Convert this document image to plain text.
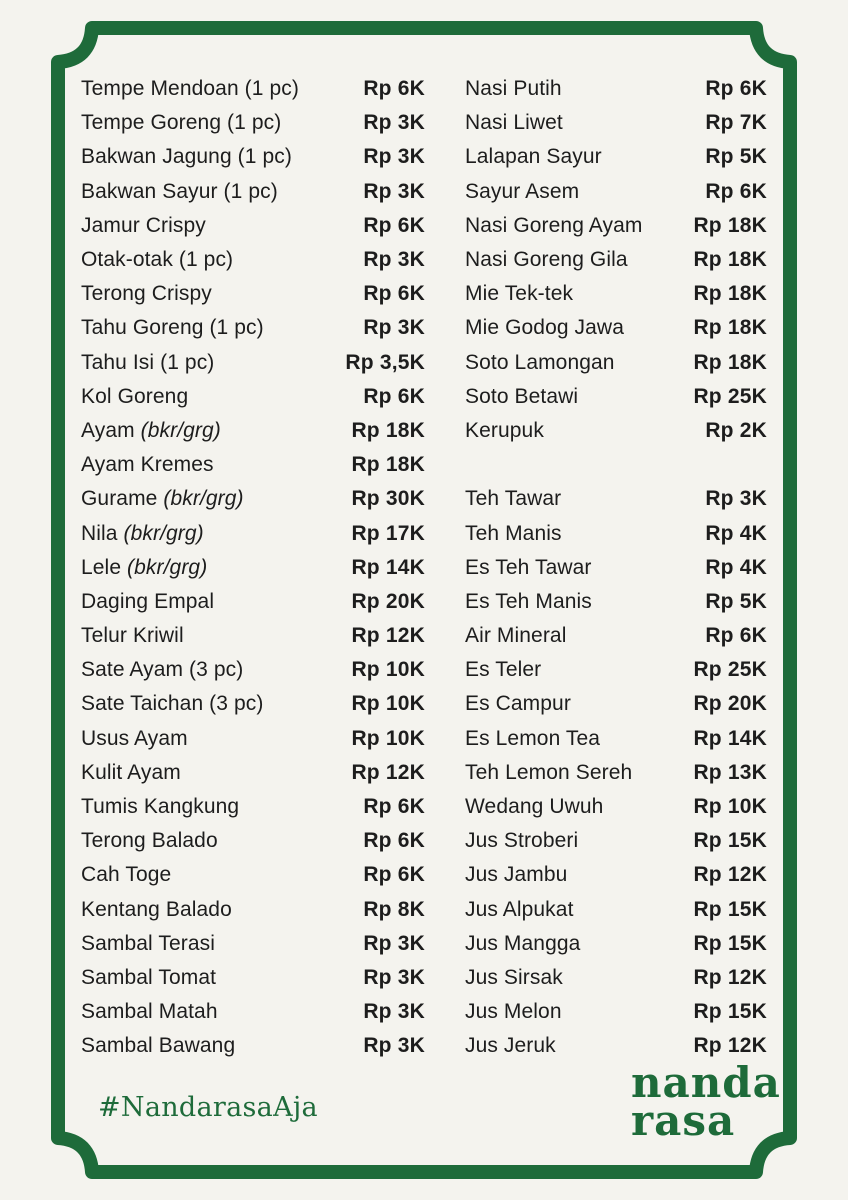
Tempe Mendoan (1 pc)	Rp 6K
Tempe Goreng (1 pc)	Rp 3K
Bakwan Jagung (1 pc)	Rp 3K
Bakwan Sayur (1 pc)	Rp 3K
Jamur Crispy	Rp 6K
Otak-otak (1 pc)	Rp 3K
Terong Crispy	Rp 6K
Tahu Goreng (1 pc)	Rp 3K
Tahu Isi (1 pc)	Rp 3,5K
Kol Goreng	Rp 6K
Ayam (bkr/grg)	Rp 18K
Ayam Kremes	Rp 18K
Gurame (bkr/grg)	Rp 30K
Nila (bkr/grg)	Rp 17K
Lele (bkr/grg)	Rp 14K
Daging Empal	Rp 20K
Telur Kriwil	Rp 12K
Sate Ayam (3 pc)	Rp 10K
Sate Taichan (3 pc)	Rp 10K
Usus Ayam	Rp 10K
Kulit Ayam	Rp 12K
Tumis Kangkung	Rp 6K
Terong Balado	Rp 6K
Cah Toge	Rp 6K
Kentang Balado	Rp 8K
Sambal Terasi	Rp 3K
Sambal Tomat	Rp 3K
Sambal Matah	Rp 3K
Sambal Bawang	Rp 3K
Nasi Putih	Rp 6K
Nasi Liwet	Rp 7K
Lalapan Sayur	Rp 5K
Sayur Asem	Rp 6K
Nasi Goreng Ayam Rp 18K
Nasi Goreng Gila	Rp 18K
Mie Tek-tek	Rp 18K
Mie Godog Jawa	Rp 18K
Soto Lamongan	Rp 18K
Soto Betawi	Rp 25K
Kerupuk	Rp 2K
Teh Tawar	Rp 3K
Teh Manis	Rp 4K
Es Teh Tawar	Rp 4K
Es Teh Manis	Rp 5K
Air Mineral	Rp 6K
Es Teler	Rp 25K
Es Campur	Rp 20K
Es Lemon Tea	Rp 14K
Teh Lemon Sereh	Rp 13K
Wedang Uwuh	Rp 10K
Jus Stroberi	Rp 15K
Jus Jambu	Rp 12K
Jus Alpukat	Rp 15K
Jus Mangga	Rp 15K
Jus Sirsak	Rp 12K
Jus Melon	Rp 15K
Jus Jeruk	Rp 12K
#NandarasaAja
nanda
rasa
